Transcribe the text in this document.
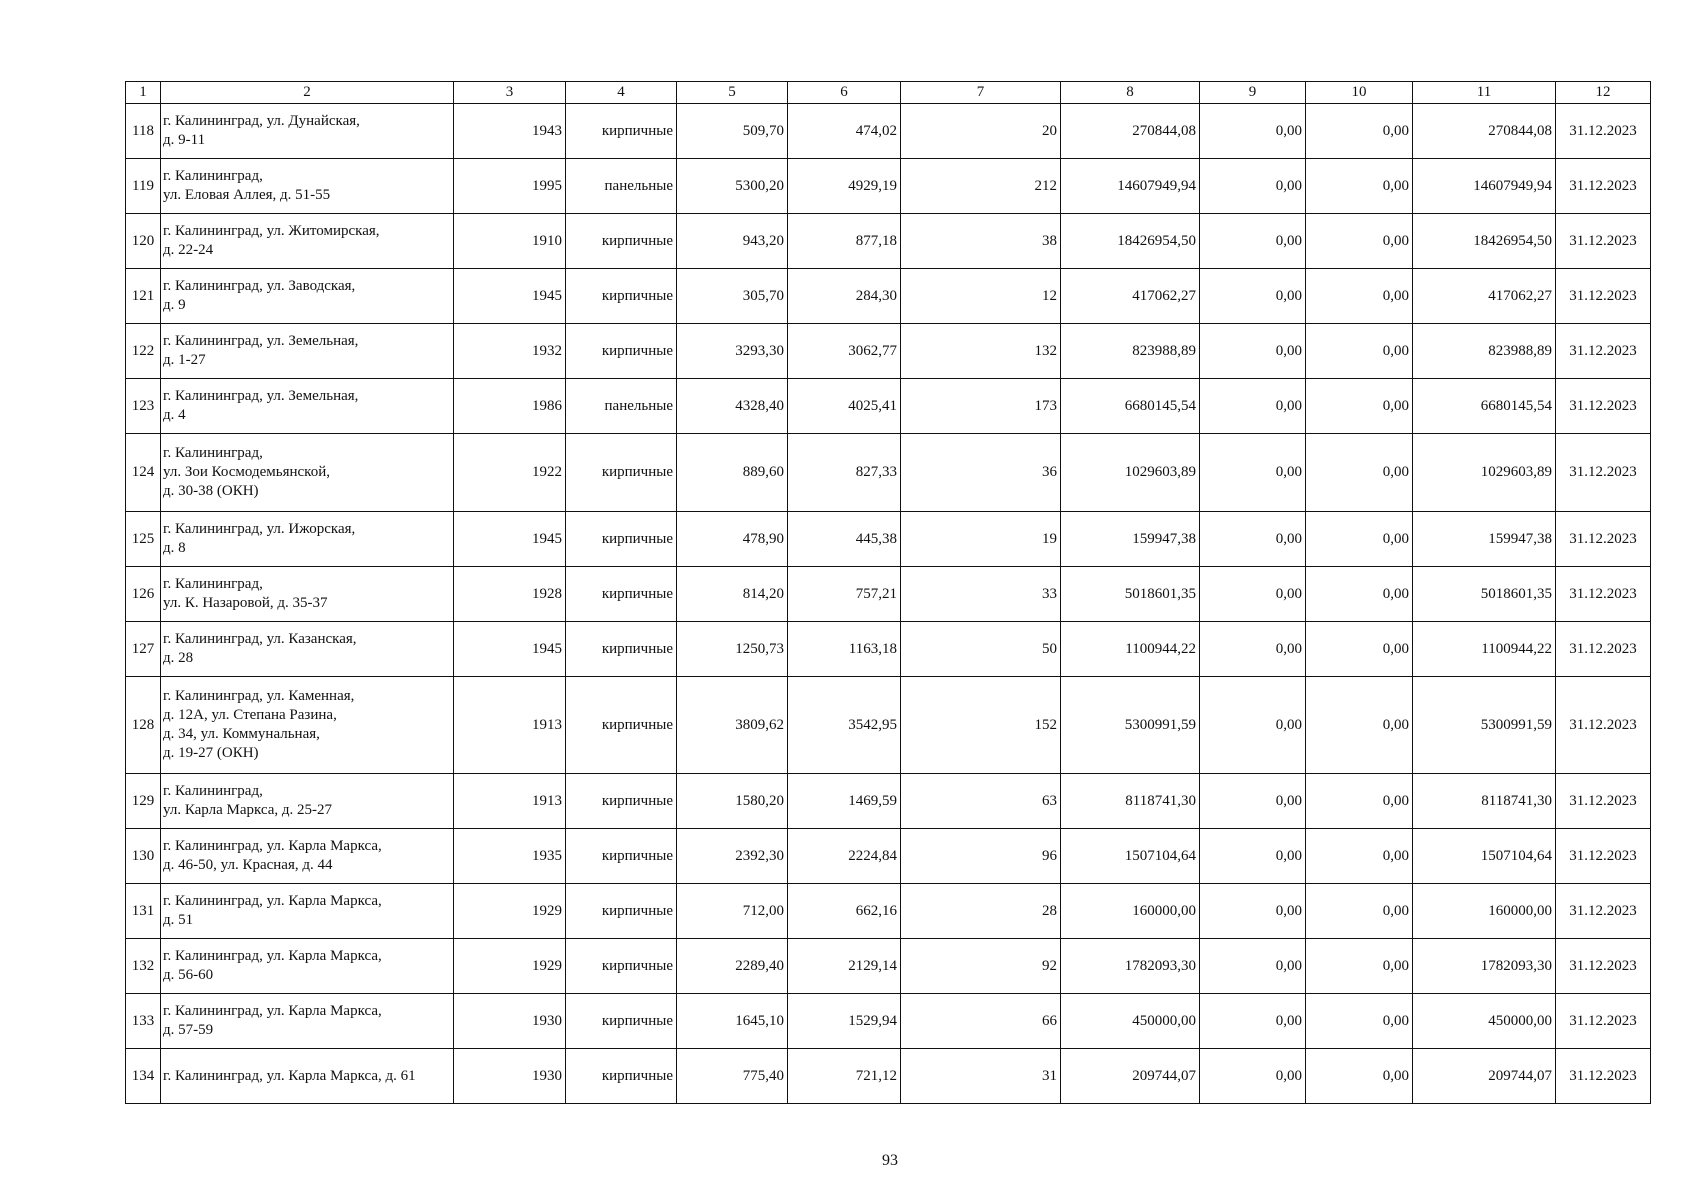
1	2	3	4	5	6	7	8	9	10	11	12
118	г. Калининград, ул. Дунайская,
д. 9-11	1943	кирпичные	509,70	474,02	20	270844,08	0,00	0,00	270844,08	31.12.2023
119	г. Калининград,
ул. Еловая Аллея, д. 51-55	1995	панельные	5300,20	4929,19	212	14607949,94	0,00	0,00	14607949,94	31.12.2023
120	г. Калининград, ул. Житомирская,
д. 22-24	1910	кирпичные	943,20	877,18	38	18426954,50	0,00	0,00	18426954,50	31.12.2023
121	г. Калининград, ул. Заводская,
д. 9	1945	кирпичные	305,70	284,30	12	417062,27	0,00	0,00	417062,27	31.12.2023
122	г. Калининград, ул. Земельная,
д. 1-27	1932	кирпичные	3293,30	3062,77	132	823988,89	0,00	0,00	823988,89	31.12.2023
123	г. Калининград, ул. Земельная,
д. 4	1986	панельные	4328,40	4025,41	173	6680145,54	0,00	0,00	6680145,54	31.12.2023
124	г. Калининград,
ул. Зои Космодемьянской,
д. 30-38 (ОКН)	1922	кирпичные	889,60	827,33	36	1029603,89	0,00	0,00	1029603,89	31.12.2023
125	г. Калининград, ул. Ижорская,
д. 8	1945	кирпичные	478,90	445,38	19	159947,38	0,00	0,00	159947,38	31.12.2023
126	г. Калининград,
ул. К. Назаровой, д. 35-37	1928	кирпичные	814,20	757,21	33	5018601,35	0,00	0,00	5018601,35	31.12.2023
127	г. Калининград, ул. Казанская,
д. 28	1945	кирпичные	1250,73	1163,18	50	1100944,22	0,00	0,00	1100944,22	31.12.2023
128	г. Калининград, ул. Каменная,
д. 12А, ул. Степана Разина,
д. 34, ул. Коммунальная,
д. 19-27 (ОКН)	1913	кирпичные	3809,62	3542,95	152	5300991,59	0,00	0,00	5300991,59	31.12.2023
129	г. Калининград,
ул. Карла Маркса, д. 25-27	1913	кирпичные	1580,20	1469,59	63	8118741,30	0,00	0,00	8118741,30	31.12.2023
130	г. Калининград, ул. Карла Маркса,
д. 46-50, ул. Красная, д. 44	1935	кирпичные	2392,30	2224,84	96	1507104,64	0,00	0,00	1507104,64	31.12.2023
131	г. Калининград, ул. Карла Маркса,
д. 51	1929	кирпичные	712,00	662,16	28	160000,00	0,00	0,00	160000,00	31.12.2023
132	г. Калининград, ул. Карла Маркса,
д. 56-60	1929	кирпичные	2289,40	2129,14	92	1782093,30	0,00	0,00	1782093,30	31.12.2023
133	г. Калининград, ул. Карла Маркса,
д. 57-59	1930	кирпичные	1645,10	1529,94	66	450000,00	0,00	0,00	450000,00	31.12.2023
134	г. Калининград, ул. Карла Маркса, д. 61	1930	кирпичные	775,40	721,12	31	209744,07	0,00	0,00	209744,07	31.12.2023
93
